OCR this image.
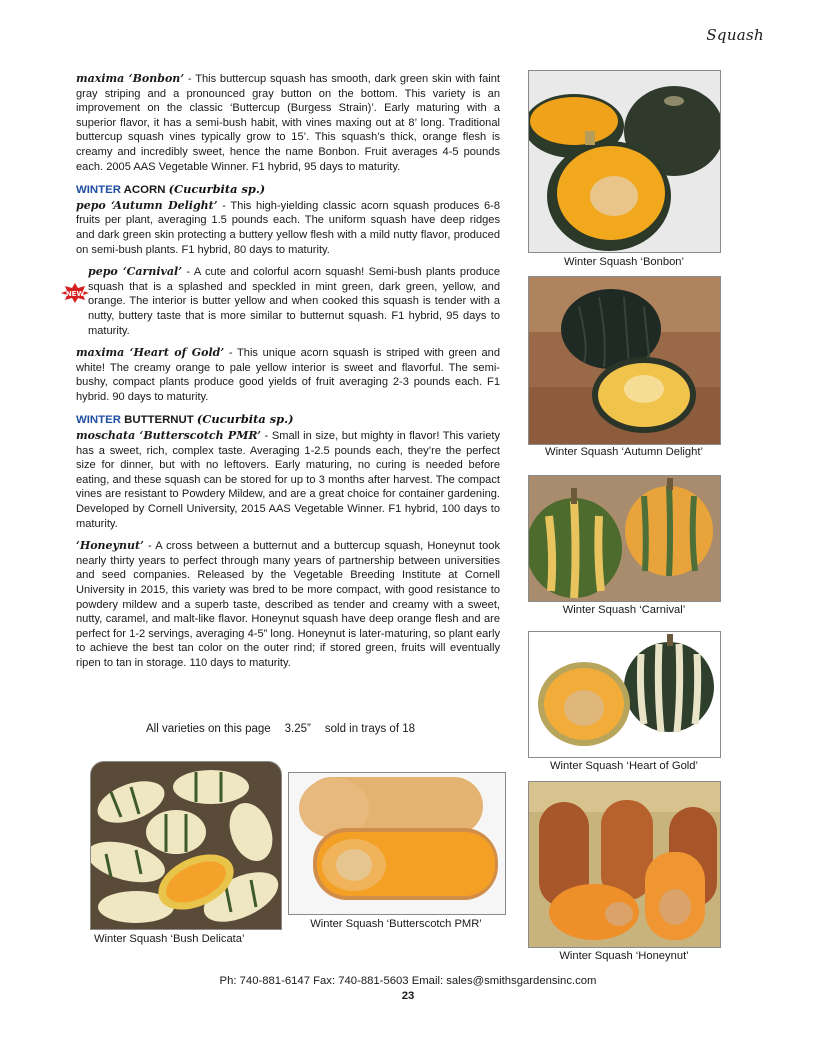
Squash
NEW

maxima ‘Bonbon’ - This buttercup squash has smooth, dark green skin with faint gray striping and a pronounced gray button on the bottom. This variety is an improvement on the classic ‘Buttercup (Burgess Strain)’. Early maturing with a superior flavor, it has a semi-bush habit, with vines maxing out at 8’ long. Traditional buttercup squash vines typically grow to 15’. This squash’s thick, orange flesh is creamy and incredibly sweet, hence the name Bonbon. Fruit averages 4-5 pounds each. 2005 AAS Vegetable Winner. F1 hybrid, 95 days to maturity.

WINTER ACORN (Cucurbita sp.)

pepo ‘Autumn Delight’ - This high-yielding classic acorn squash produces 6-8 fruits per plant, averaging 1.5 pounds each. The uniform squash have deep ridges and dark green skin protecting a buttery yellow flesh with a mild nutty flavor, produced on semi-bush plants. F1 hybrid, 80 days to maturity.

pepo ‘Carnival’ - A cute and colorful acorn squash! Semi-bush plants produce squash that is a splashed and speckled in mint green, dark green, yellow, and orange. The interior is butter yellow and when cooked this squash is tender with a nutty, buttery taste that is more similar to butternut squash. F1 hybrid, 95 days to maturity.

maxima ‘Heart of Gold’ - This unique acorn squash is striped with green and white! The creamy orange to pale yellow interior is sweet and flavorful. The semi-bushy, compact plants produce good yields of fruit averaging 2-3 pounds each. F1 hybrid. 90 days to maturity.

WINTER BUTTERNUT (Cucurbita sp.)

moschata ‘Butterscotch PMR’ - Small in size, but mighty in flavor! This variety has a sweet, rich, complex taste. Averaging 1-2.5 pounds each, they’re the perfect size for dinner, but with no leftovers. Early maturing, no curing is needed before eating, and these squash can be stored for up to 3 months after harvest. The compact vines are resistant to Powdery Mildew, and are a great choice for container gardening. Developed by Cornell University, 2015 AAS Vegetable Winner. F1 hybrid, 100 days to maturity.

‘Honeynut’ - A cross between a butternut and a buttercup squash, Honeynut took nearly thirty years to perfect through many years of partnership between universities and seed companies. Released by the Vegetable Breeding Institute at Cornell University in 2015, this variety was bred to be more compact, with good resistance to powdery mildew and a superb taste, described as tender and creamy with a sweet, nutty, caramel, and malt-like flavor. Honeynut squash have deep orange flesh and are perfect for 1-2 servings, averaging 4-5” long. Honeynut is later-maturing, so plant early to achieve the best tan color on the outer rind; if stored green, fruits will eventually ripen to tan in storage. 110 days to maturity.

All varieties on this page 3.25” sold in trays of 18
Winter Squash ‘Bonbon’
Winter Squash ‘Autumn Delight’
Winter Squash ‘Carnival’
Winter Squash ‘Heart of Gold’
Winter Squash ‘Honeynut’
Winter Squash ‘Bush Delicata’
Winter Squash ‘Butterscotch PMR’
Ph: 740-881-6147 Fax: 740-881-5603 Email: sales@smithsgardensinc.com
23
